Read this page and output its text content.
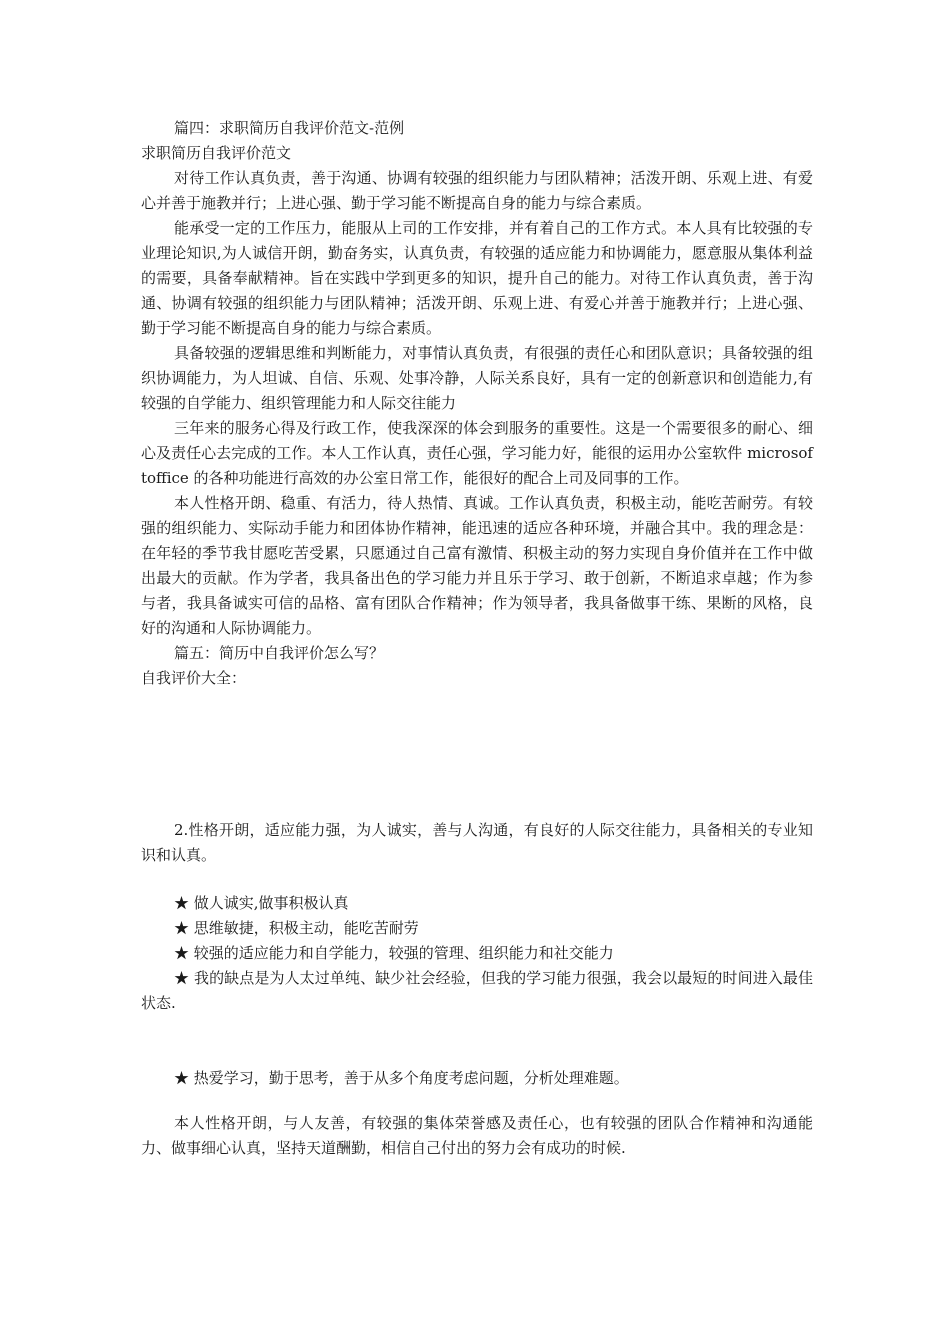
篇四：求职简历自我评价范文-范例

求职简历自我评价范文

对待工作认真负责，善于沟通、协调有较强的组织能力与团队精神；活泼开朗、乐观上进、有爱心并善于施教并行；上进心强、勤于学习能不断提高自身的能力与综合素质。

能承受一定的工作压力，能服从上司的工作安排，并有着自己的工作方式。本人具有比较强的专业理论知识,为人诚信开朗，勤奋务实，认真负责，有较强的适应能力和协调能力，愿意服从集体利益的需要，具备奉献精神。旨在实践中学到更多的知识，提升自己的能力。对待工作认真负责，善于沟通、协调有较强的组织能力与团队精神；活泼开朗、乐观上进、有爱心并善于施教并行；上进心强、勤于学习能不断提高自身的能力与综合素质。

具备较强的逻辑思维和判断能力，对事情认真负责，有很强的责任心和团队意识；具备较强的组织协调能力，为人坦诚、自信、乐观、处事冷静，人际关系良好，具有一定的创新意识和创造能力,有较强的自学能力、组织管理能力和人际交往能力

三年来的服务心得及行政工作，使我深深的体会到服务的重要性。这是一个需要很多的耐心、细心及责任心去完成的工作。本人工作认真，责任心强，学习能力好，能很的运用办公室软件 microsoftoffice 的各种功能进行高效的办公室日常工作，能很好的配合上司及同事的工作。

本人性格开朗、稳重、有活力，待人热情、真诚。工作认真负责，积极主动，能吃苦耐劳。有较强的组织能力、实际动手能力和团体协作精神，能迅速的适应各种环境，并融合其中。我的理念是：在年轻的季节我甘愿吃苦受累，只愿通过自己富有激情、积极主动的努力实现自身价值并在工作中做出最大的贡献。作为学者，我具备出色的学习能力并且乐于学习、敢于创新，不断追求卓越；作为参与者，我具备诚实可信的品格、富有团队合作精神；作为领导者，我具备做事干练、果断的风格，良好的沟通和人际协调能力。

篇五：简历中自我评价怎么写？

自我评价大全：

2.性格开朗，适应能力强，为人诚实，善与人沟通，有良好的人际交往能力，具备相关的专业知识和认真。

★ 做人诚实,做事积极认真

★ 思维敏捷，积极主动，能吃苦耐劳

★ 较强的适应能力和自学能力，较强的管理、组织能力和社交能力

★ 我的缺点是为人太过单纯、缺少社会经验，但我的学习能力很强，我会以最短的时间进入最佳状态.

★ 热爱学习，勤于思考，善于从多个角度考虑问题，分析处理难题。

本人性格开朗，与人友善，有较强的集体荣誉感及责任心，也有较强的团队合作精神和沟通能力、做事细心认真，坚持天道酬勤，相信自己付出的努力会有成功的时候.
